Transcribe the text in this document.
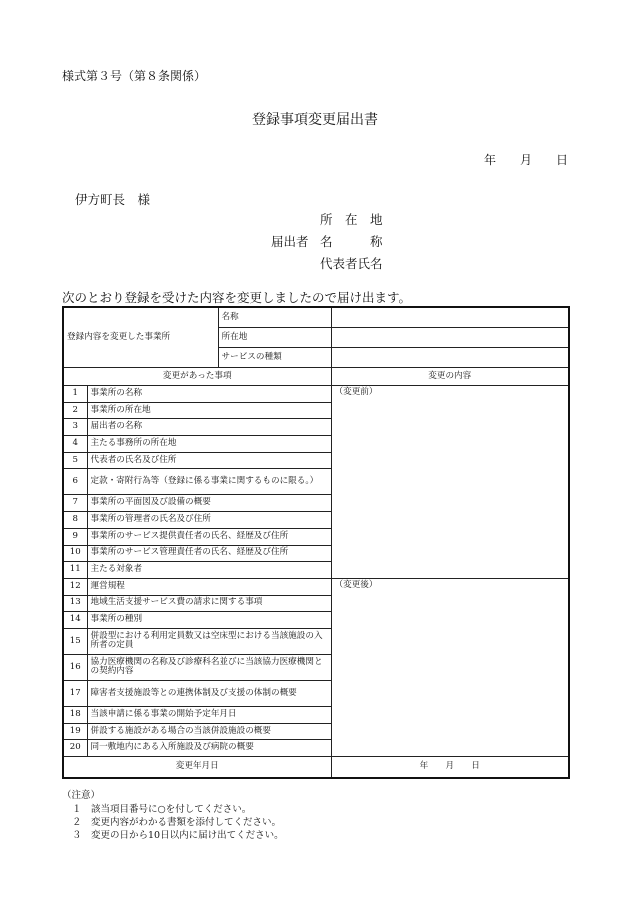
様式第３号（第８条関係）
登録事項変更届出書
年 月 日
伊方町長　様
所　在　地
届出者 名　　　称
代表者氏名
次のとおり登録を受けた内容を変更しましたので届け出ます。
登録内容を変更した事業所		名称	
		所在地	
		サービスの種類	
変更があった事項			変更の内容
1	事業所の名称		（変更前）
2	事業所の所在地		
3	届出者の名称		
4	主たる事務所の所在地		
5	代表者の氏名及び住所		
6	定款・寄附行為等（登録に係る事業に関するものに限る。）		
7	事業所の平面図及び設備の概要		
8	事業所の管理者の氏名及び住所		
9	事業所のサービス提供責任者の氏名、経歴及び住所		
10	事業所のサービス管理責任者の氏名、経歴及び住所		
11	主たる対象者		
12	運営規程		（変更後）
13	地域生活支援サービス費の請求に関する事項		
14	事業所の種別		
15	併設型における利用定員数又は空床型における当該施設の入所者の定員		
16	協力医療機関の名称及び診療科名並びに当該協力医療機関との契約内容		
17	障害者支援施設等との連携体制及び支援の体制の概要		
18	当該申請に係る事業の開始予定年月日		
19	併設する施設がある場合の当該併設施設の概要		
20	同一敷地内にある入所施設及び病院の概要		
変更年月日			年　　月　　日
（注意）
１　該当項目番号に○を付してください。
２　変更内容がわかる書類を添付してください。
３　変更の日から10日以内に届け出てください。
